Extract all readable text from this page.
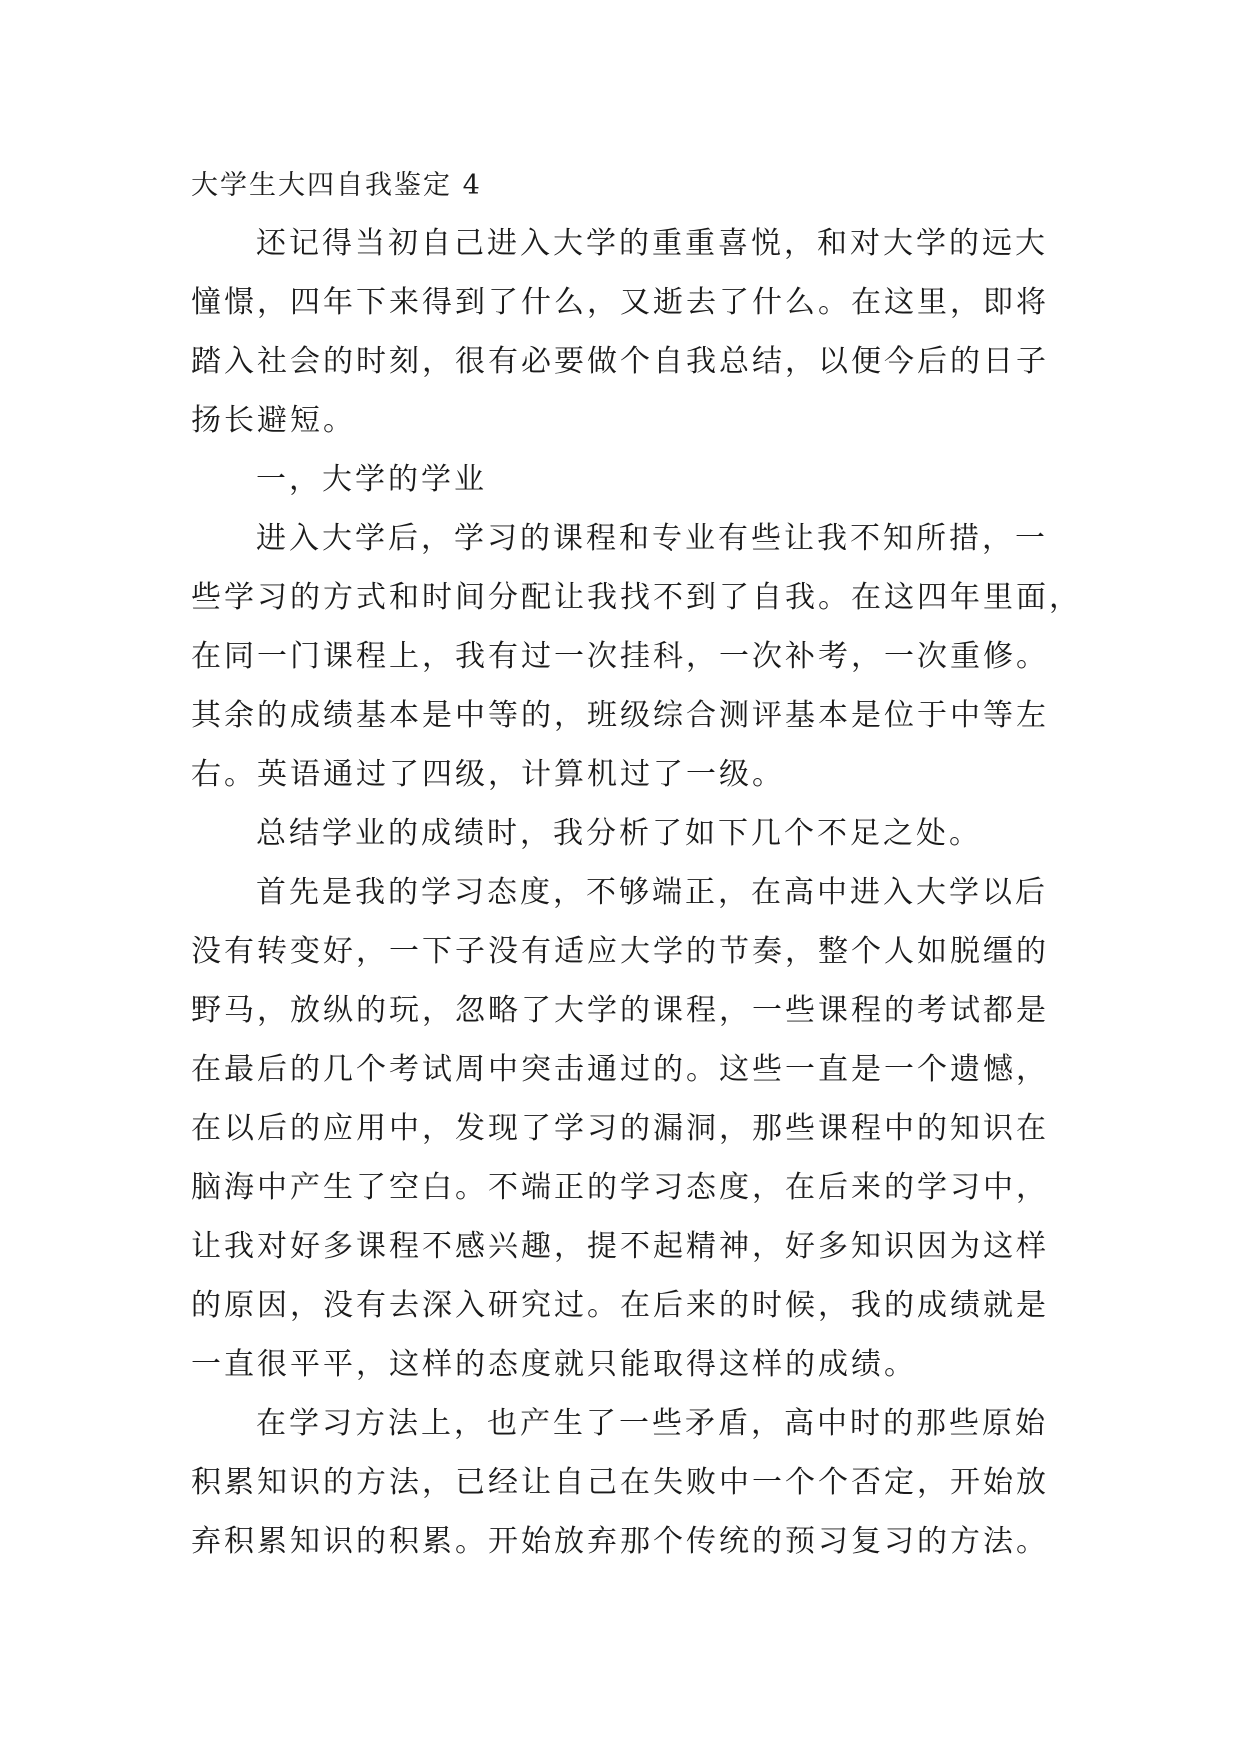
大学生大四自我鉴定 4
还记得当初自己进入大学的重重喜悦，和对大学的远大
憧憬，四年下来得到了什么，又逝去了什么。在这里，即将
踏入社会的时刻，很有必要做个自我总结，以便今后的日子
扬长避短。
一，大学的学业
进入大学后，学习的课程和专业有些让我不知所措，一
些学习的方式和时间分配让我找不到了自我。在这四年里面，
在同一门课程上，我有过一次挂科，一次补考，一次重修。
其余的成绩基本是中等的，班级综合测评基本是位于中等左
右。英语通过了四级，计算机过了一级。
总结学业的成绩时，我分析了如下几个不足之处。
首先是我的学习态度，不够端正，在高中进入大学以后
没有转变好，一下子没有适应大学的节奏，整个人如脱缰的
野马，放纵的玩，忽略了大学的课程，一些课程的考试都是
在最后的几个考试周中突击通过的。这些一直是一个遗憾，
在以后的应用中，发现了学习的漏洞，那些课程中的知识在
脑海中产生了空白。不端正的学习态度，在后来的学习中，
让我对好多课程不感兴趣，提不起精神，好多知识因为这样
的原因，没有去深入研究过。在后来的时候，我的成绩就是
一直很平平，这样的态度就只能取得这样的成绩。
在学习方法上，也产生了一些矛盾，高中时的那些原始
积累知识的方法，已经让自己在失败中一个个否定，开始放
弃积累知识的积累。开始放弃那个传统的预习复习的方法。
